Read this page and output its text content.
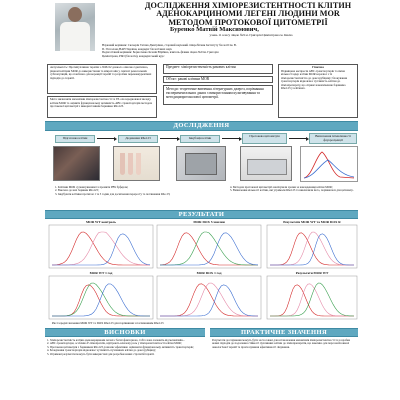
ДОСЛІДЖЕННЯ ХІМІОРЕЗИСТЕНТНОСТІ КЛІТИН
АДЕНОКАРЦИНОМИ ЛЕГЕНІ ЛЮДИНИ MOR
МЕТОДОМ ПРОТОКОВОЇ ЦИТОМЕТРІЇ
Буренко Матвій Максимович,
учень 11 класу ліцею №9 м. Григорія Цеміштрана м. Києва
Науковий керівник: Скочерін Тетяна Дмитрівна, старший науковий співробітник Інституту біології ім. В.
П. Гіпсалова НАН України, кандидат біологічних наук
Педагогічний керівник: Борисленко Ксенія Юріївна, вчитель фізики ліцею №9 ім. Григорія
Цеміштрана, PhD (біологія), кандидатський курс
Актуальність: Протипухлинна терапія з ЛОХ/22 довколо описано ідентично, рівномі клітини MOR до використання та мікротонів у синтезі рекалольних субпопуляцій, що пов'язано для корекції терапії та розробки переконкурентних підходів до терапії.
Мета: визначити механізми хіміорезистентності та ГР-опосередкованої вкладу клітин MOR та оцінити функціональну активність АВС-транспортерів методом протокової цитометрії з використанням барвника Rho123.
Предмет: хіміорезистентність ракових клітин
Об'єкт: ракові клітини MOR
Методи: теоретичне вивчення літературних джерел, порівняння експериментальних даних з використанням культивування та методиципротоколової цитометрії.
Гіпотеза
Підвищена експресія АВС-транспортерів та зміна кількості ядер клітин MOR корелює з їх хіміорезистентністю до доксорубіцину; блокування транспортерів відновлює чутливість клітин до хіміопрепарату, що сприяє накопиченню барвника Rho123 у клітинах.
ДОСЛІДЖЕННЯ
Підготовка клітин	Додавання Rho123	Інкубація клітин	Протокова цитометрія	Визначення інтенсивності флуоресценції
1. Клітини MOR сусканзуванням та промити PBS буфером;
2. Внесено до них барвник Rho123;
3. Інкубувати клітини протягом 1 та 3 годин для досягнення переросту та поглинання Rho 23;
4. Методом протокової цитометрії аналізували зразки за накладенням клітин MOR;
5. Визначення кількості клітин, які утримали Rho123 та виключили його, порівнялася для цитометр.
РЕЗУЛЬТАТИ
MOR WT контроль	MOR DOX 5 хвилин
MOR WT 1 год	MOR DOX 1 год
Результати MOR WT та MOR DOX R
Результати MOR WT
Рис.Середні значення MOR WT та DOX Rho123 для порівняння з поглинанням Rho123
ВИСНОВКИ
1. Хіміорезистентність клітин аденокарциноми легені є багатофакторною, тобто вона залежить від механізмів...
2. АВС-транспортери, особливо P-глікопротеїн, відіграють ключову роль у хіміорезистентності клітин MOR;
3. Протокова цитометрія з барвником Rho123 дозволяє ефективно оцінювати функціональну активність транспортерів;
4. Блокування транспортерів відновлює чутливість пухлинних клітин до доксорубіцину;
5. Отримані результати можуть бути використані для розробки нових стратегій терапії.
ПРАКТИЧНЕ ЗНАЧЕННЯ
Результати дослідження можуть бути застосовані для встановлення механізмів хіміорезистентності та розробки нових підходів до подолання стійкості пухлинних клітин до хіміопрепаратів, що важливо для персоналізованої онкологічної терапії та прогнозування ефективності лікування.
